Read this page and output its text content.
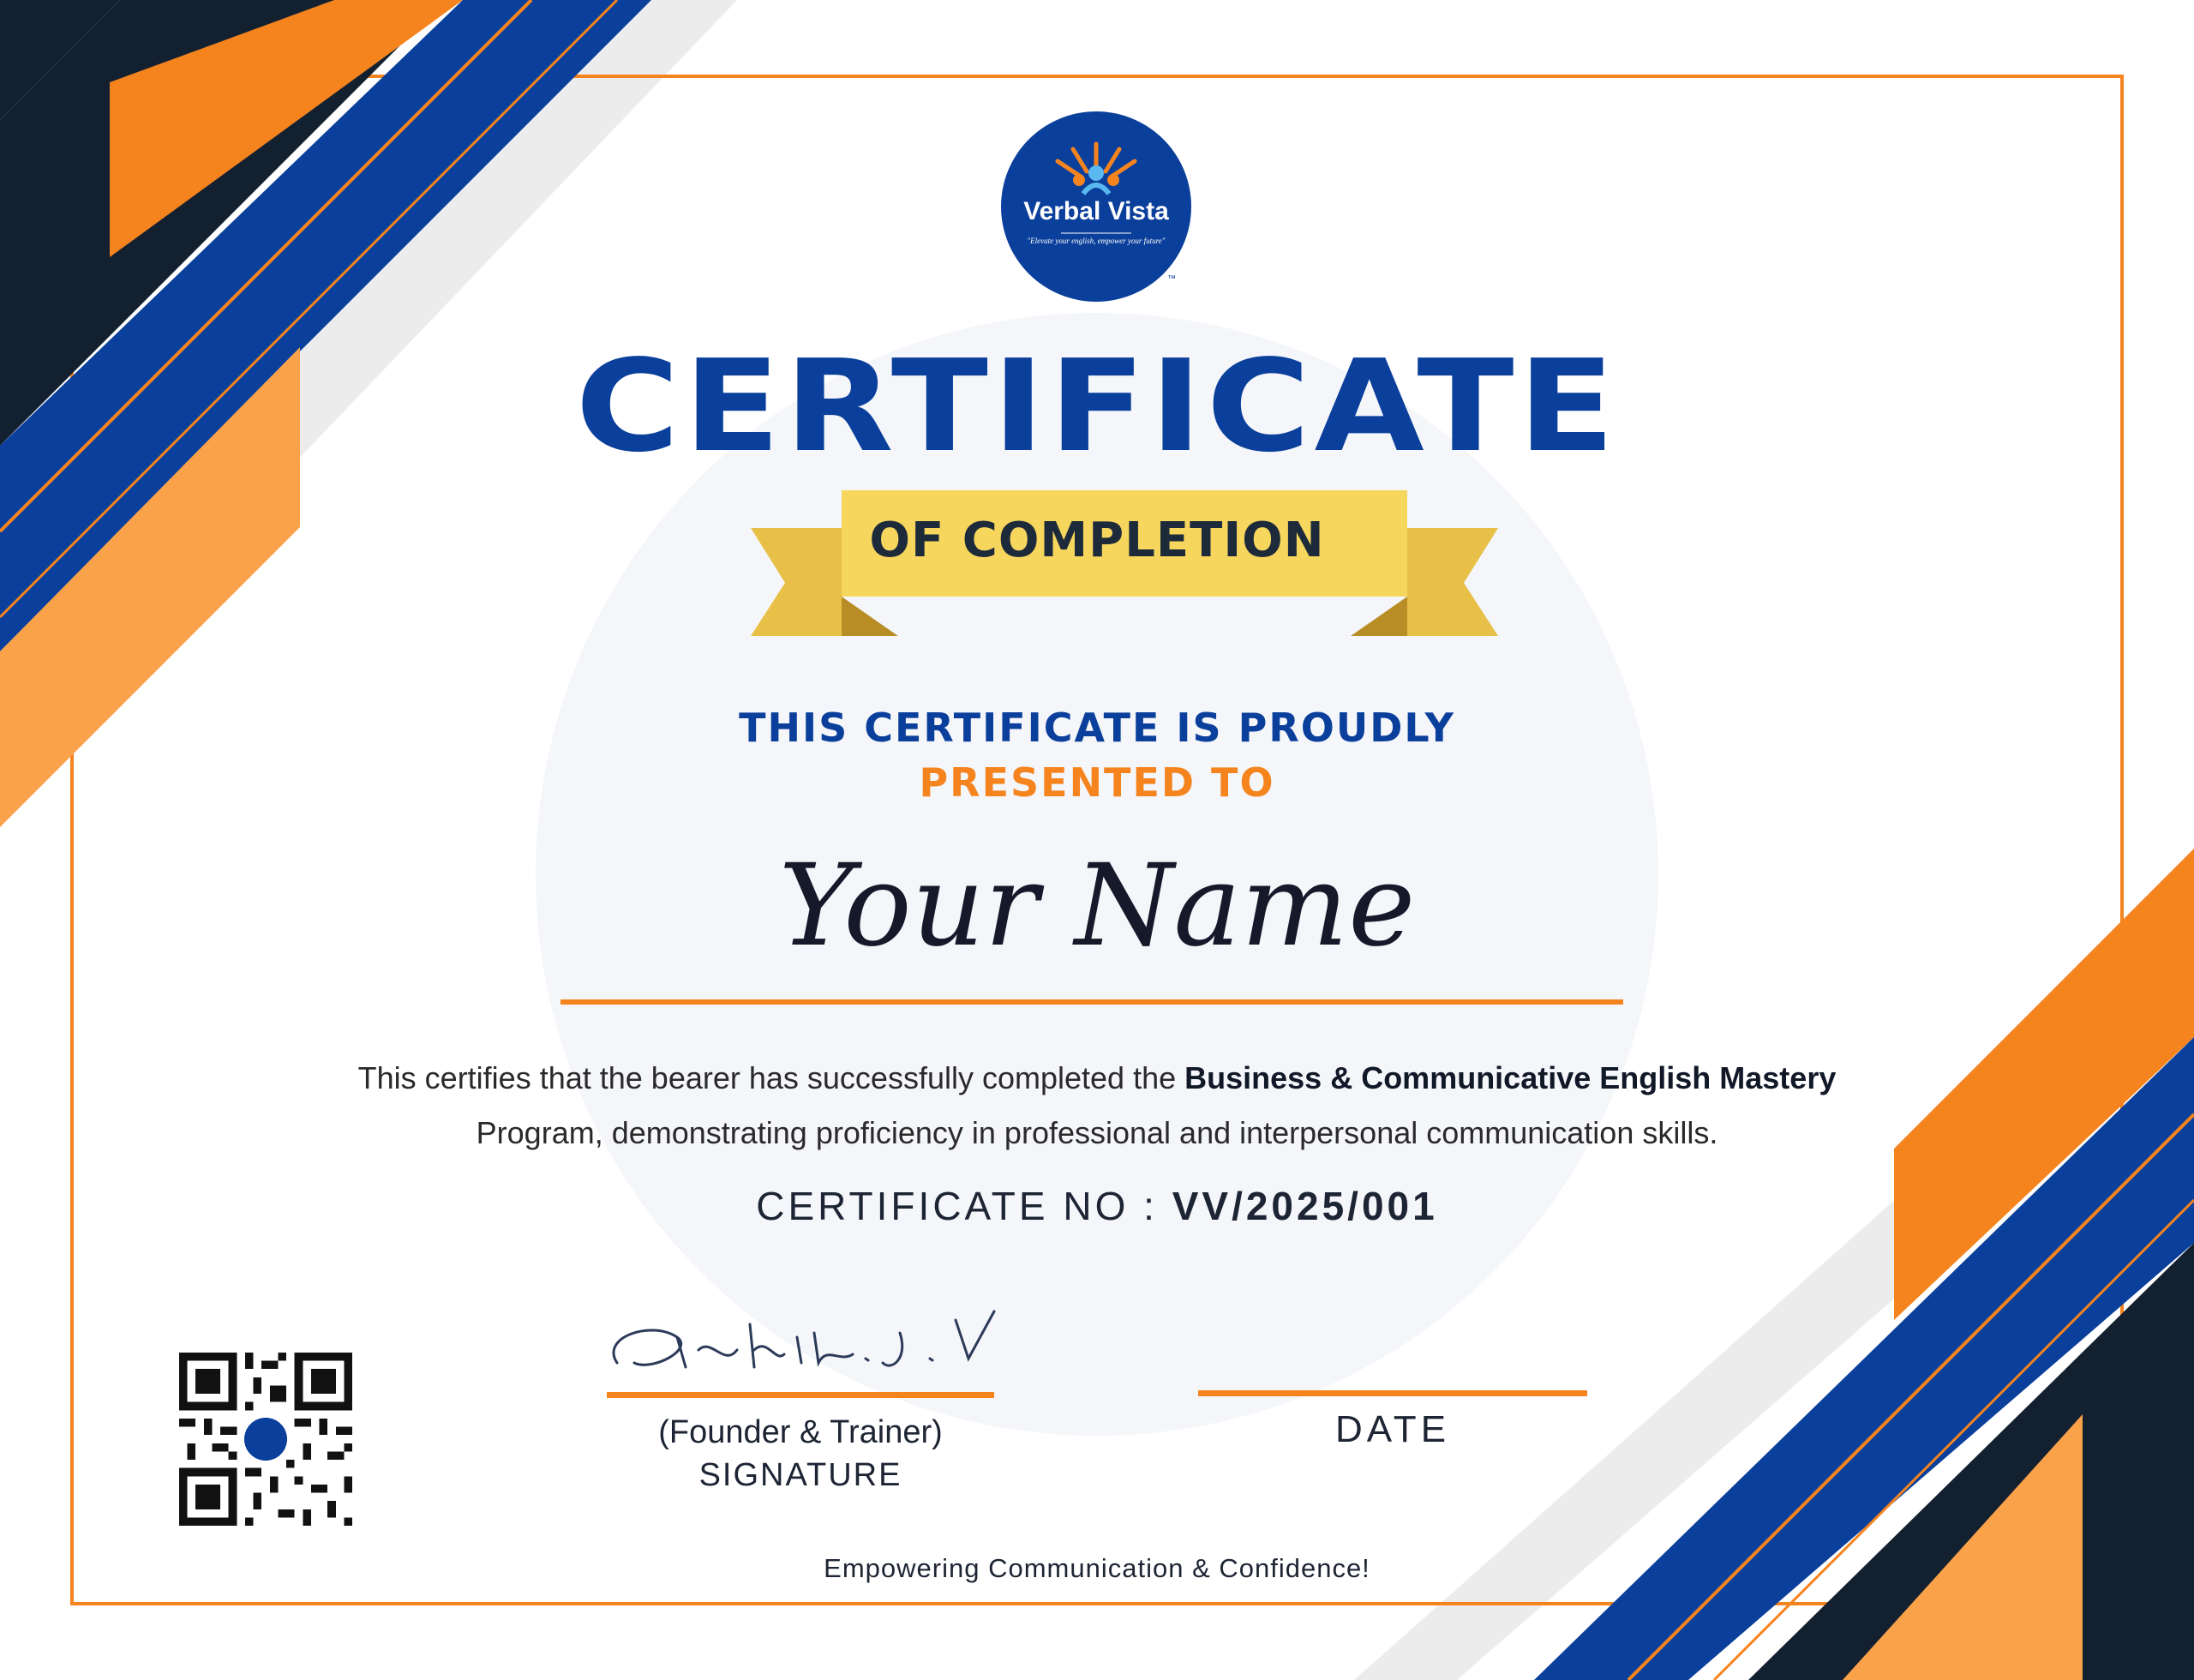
Verbal Vista
"Elevate your english, empower your future"
™
CERTIFICATE
OF COMPLETION
THIS CERTIFICATE IS PROUDLY
PRESENTED TO
Your Name
This certifies that the bearer has successfully completed the Business & Communicative English Mastery
Program, demonstrating proficiency in professional and interpersonal communication skills.
CERTIFICATE NO : VV/2025/001
(Founder & Trainer)
SIGNATURE
DATE
Empowering Communication & Confidence!
